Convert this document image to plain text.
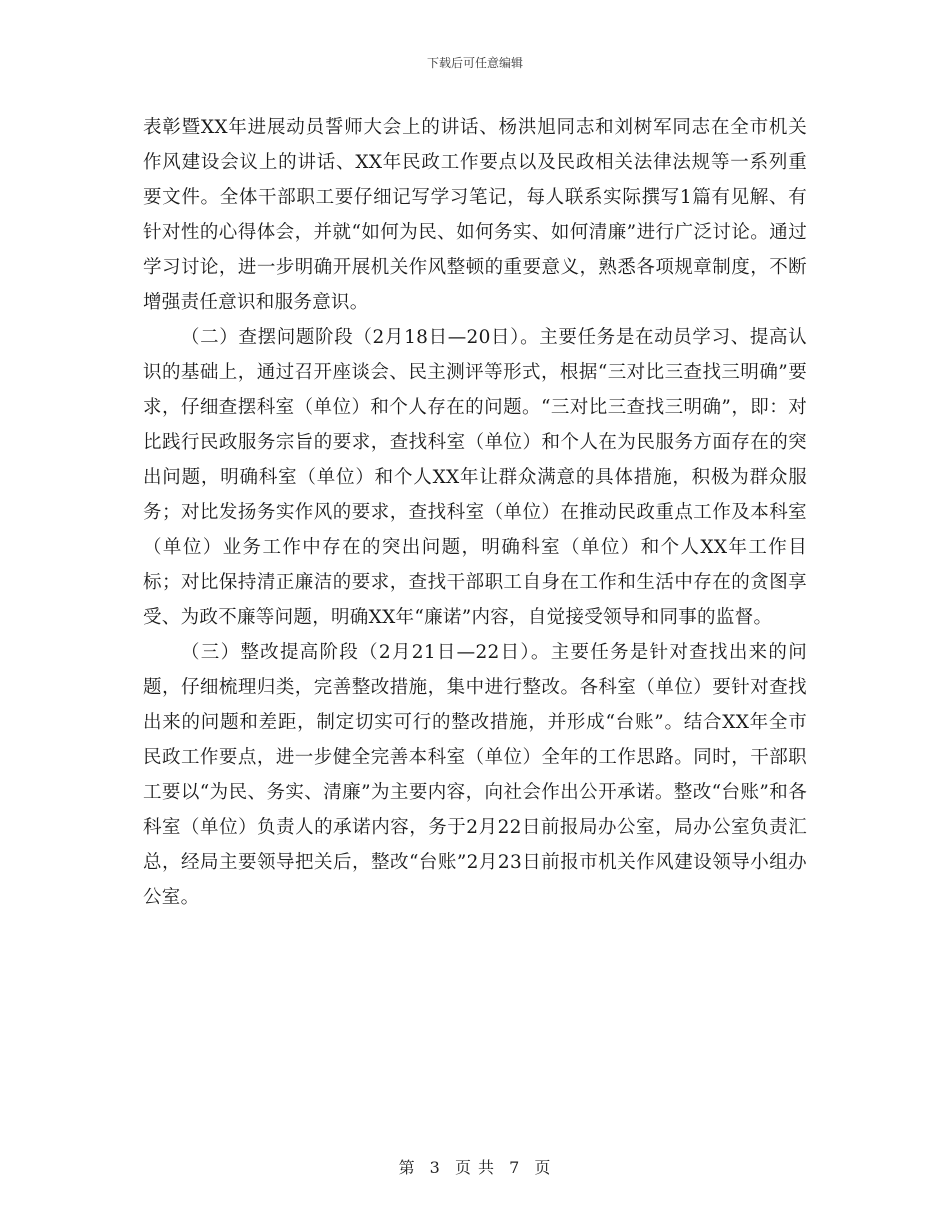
下载后可任意编辑

表彰暨XX年进展动员誓师大会上的讲话、杨洪旭同志和刘树军同志在全市机关作风建设会议上的讲话、XX年民政工作要点以及民政相关法律法规等一系列重要文件。全体干部职工要仔细记写学习笔记，每人联系实际撰写1篇有见解、有针对性的心得体会，并就“如何为民、如何务实、如何清廉”进行广泛讨论。通过学习讨论，进一步明确开展机关作风整顿的重要意义，熟悉各项规章制度，不断增强责任意识和服务意识。

（二）查摆问题阶段（2月18日—20日）。主要任务是在动员学习、提高认识的基础上，通过召开座谈会、民主测评等形式，根据“三对比三查找三明确”要求，仔细查摆科室（单位）和个人存在的问题。“三对比三查找三明确”，即：对比践行民政服务宗旨的要求，查找科室（单位）和个人在为民服务方面存在的突出问题，明确科室（单位）和个人XX年让群众满意的具体措施，积极为群众服务；对比发扬务实作风的要求，查找科室（单位）在推动民政重点工作及本科室（单位）业务工作中存在的突出问题，明确科室（单位）和个人XX年工作目标；对比保持清正廉洁的要求，查找干部职工自身在工作和生活中存在的贪图享受、为政不廉等问题，明确XX年“廉诺”内容，自觉接受领导和同事的监督。

（三）整改提高阶段（2月21日—22日）。主要任务是针对查找出来的问题，仔细梳理归类，完善整改措施，集中进行整改。各科室（单位）要针对查找出来的问题和差距，制定切实可行的整改措施，并形成“台账”。结合XX年全市民政工作要点，进一步健全完善本科室（单位）全年的工作思路。同时，干部职工要以“为民、务实、清廉”为主要内容，向社会作出公开承诺。整改“台账”和各科室（单位）负责人的承诺内容，务于2月22日前报局办公室，局办公室负责汇总，经局主要领导把关后，整改“台账”2月23日前报市机关作风建设领导小组办公室。

第 3 页 共 7 页
